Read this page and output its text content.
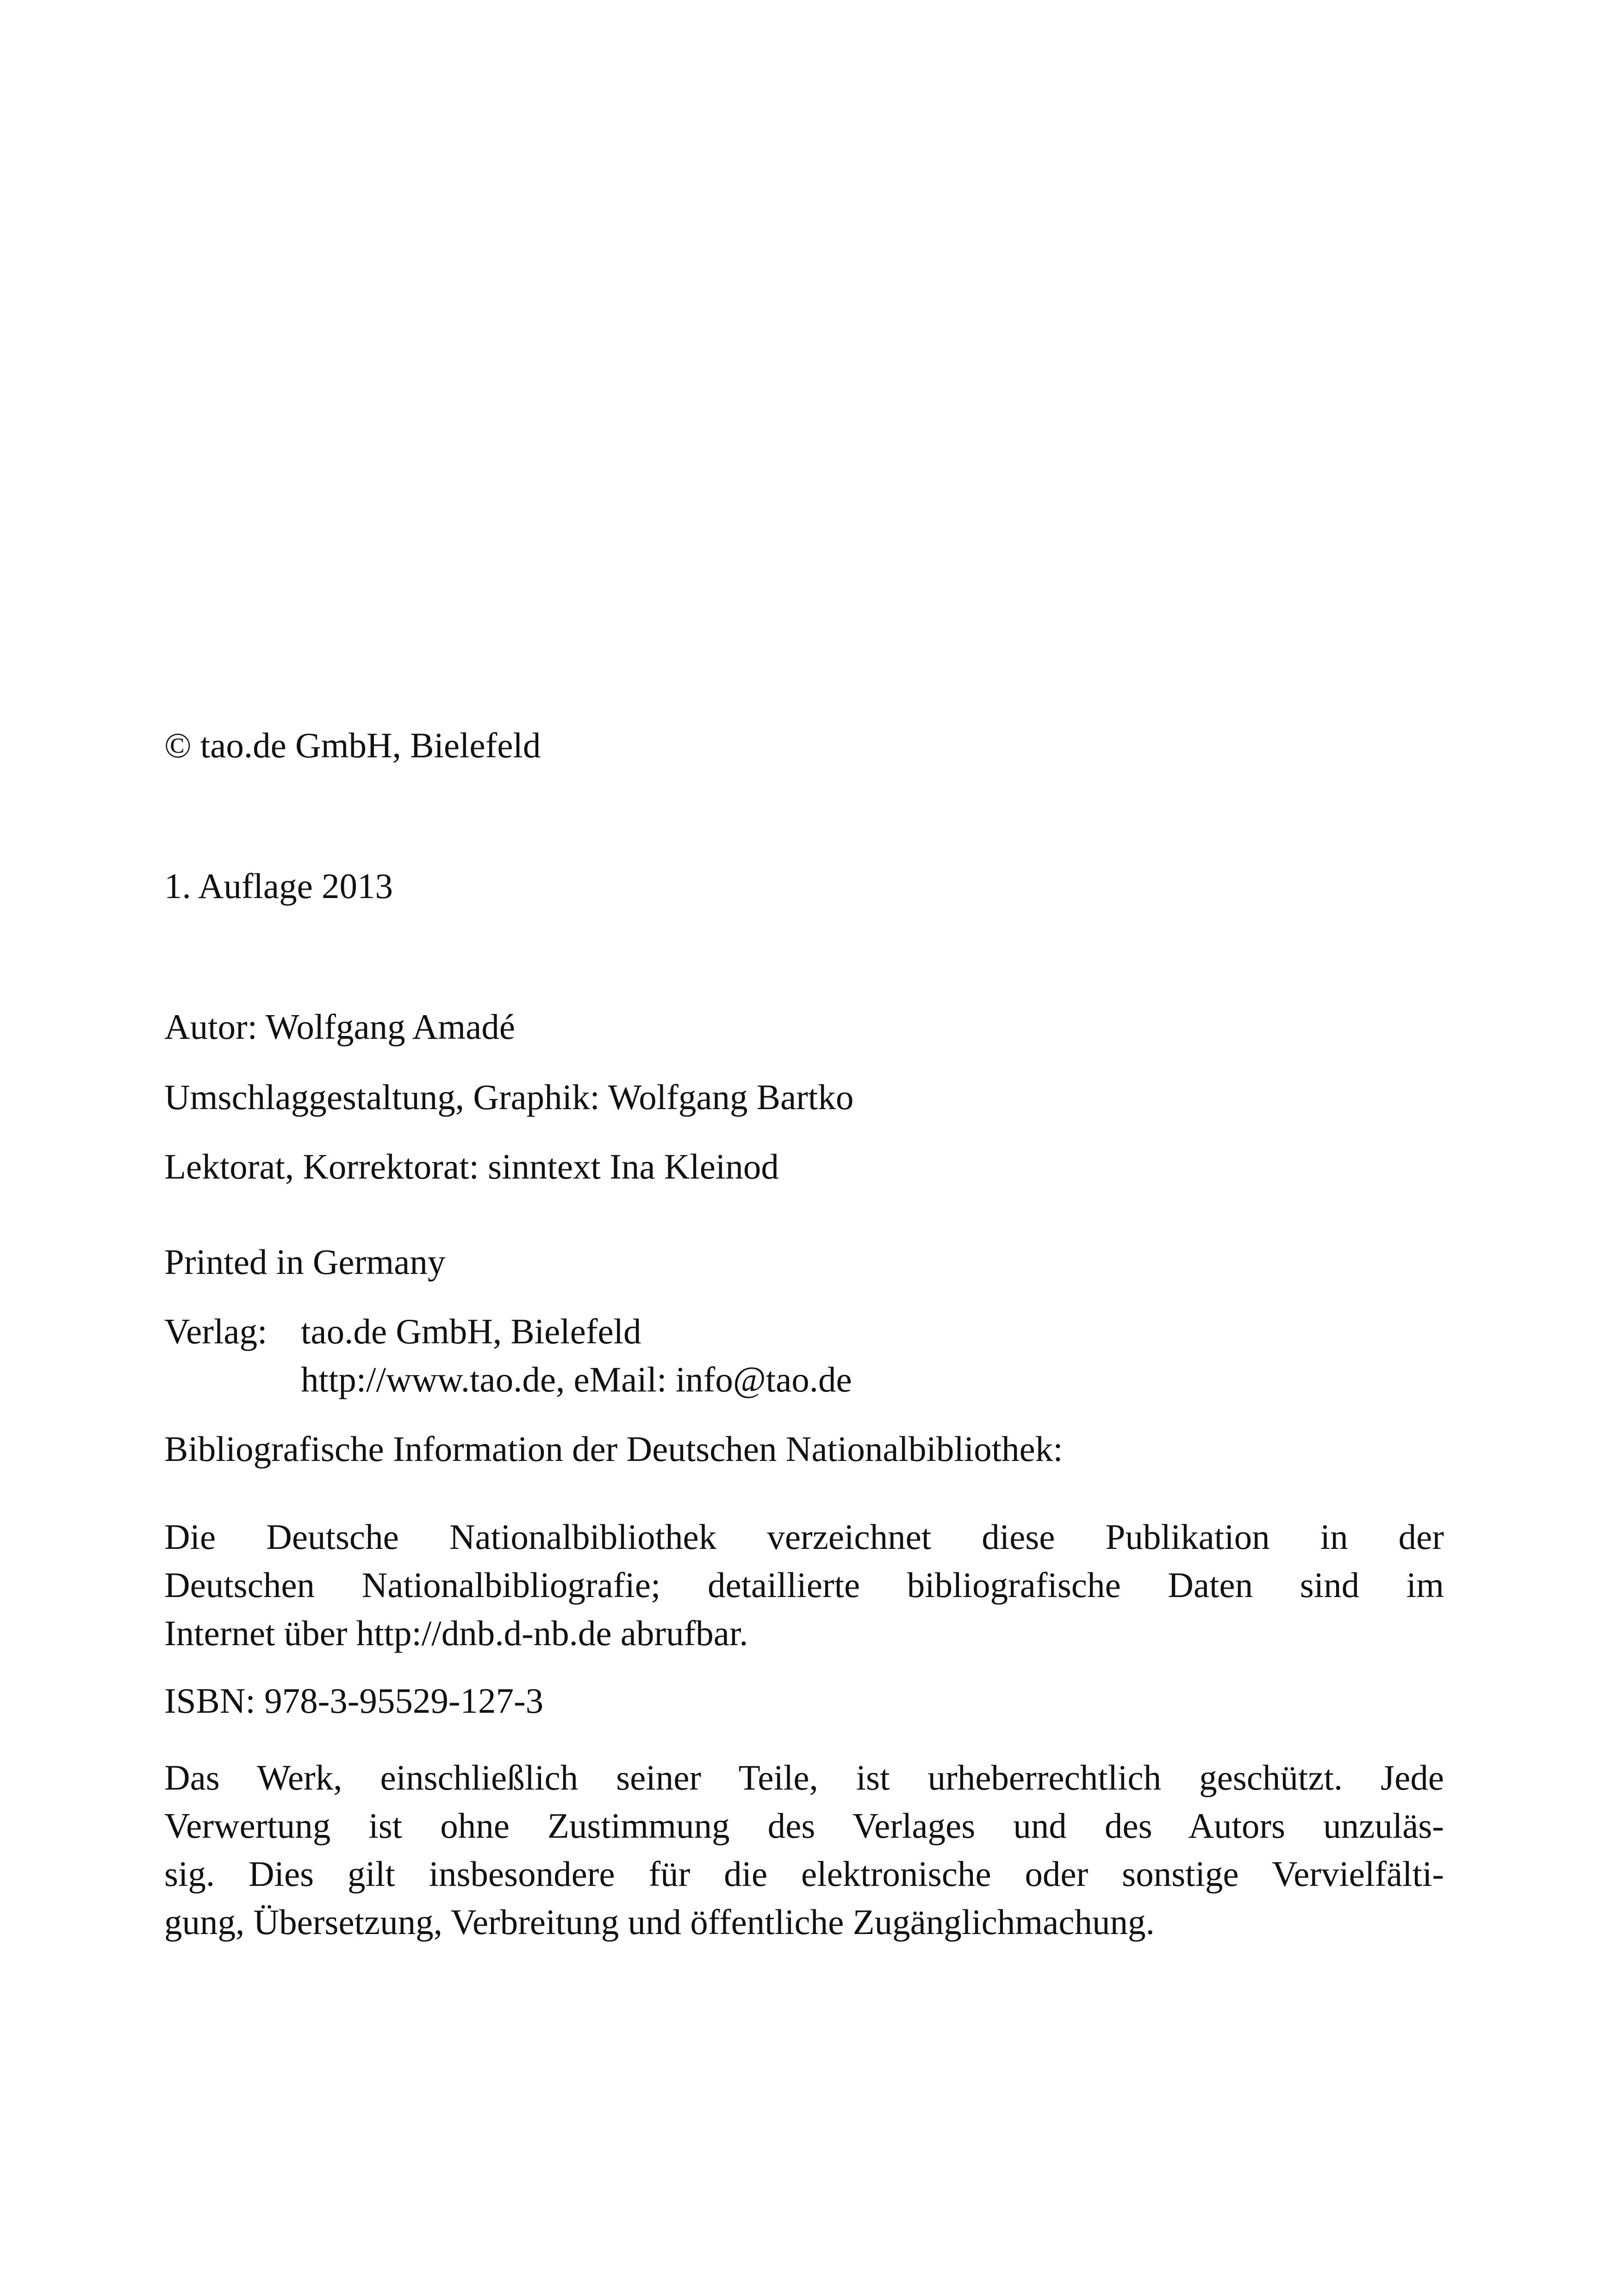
© tao.de GmbH, Bielefeld
1. Auflage 2013
Autor: Wolfgang Amadé
Umschlaggestaltung, Graphik: Wolfgang Bartko
Lektorat, Korrektorat: sinntext Ina Kleinod
Printed in Germany
Verlag: tao.de GmbH, Bielefeld
http://www.tao.de, eMail: info@tao.de
Bibliografische Information der Deutschen Nationalbibliothek:
Die Deutsche Nationalbibliothek verzeichnet diese Publikation in der
Deutschen Nationalbibliografie; detaillierte bibliografische Daten sind im
Internet über http://dnb.d-nb.de abrufbar.
ISBN: 978-3-95529-127-3
Das Werk, einschließlich seiner Teile, ist urheberrechtlich geschützt. Jede
Verwertung ist ohne Zustimmung des Verlages und des Autors unzuläs-
sig. Dies gilt insbesondere für die elektronische oder sonstige Vervielfälti-
gung, Übersetzung, Verbreitung und öffentliche Zugänglichmachung.
